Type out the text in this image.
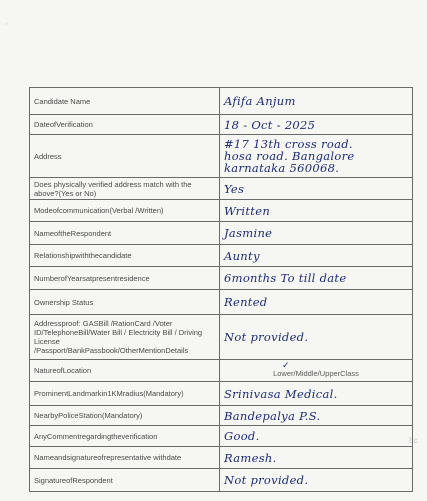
'
8c
Candidate Name	Afifa Anjum
DateofVerification	18 - Oct - 2025
Address	#17 13th cross road.
hosa road. Bangalore
karnataka 560068.
Does physically verified address match with the above?(Yes or No)	Yes
Modeofcommunication(Verbal /Written)	Written
NameoftheRespondent	Jasmine
Relationshipwiththecandidate	Aunty
NumberofYearsatpresentresidence	6months To till date
Ownership Status	Rented
Addressproof: GASBill /RationCard /Voter ID/TelephoneBill/Water Bill / Electricity Bill / Driving License /Passport/BankPassbook/OtherMentionDetails	Not provided.
NatureofLocation	✓
Lower/Middle/UpperClass
ProminentLandmarkin1KMradius(Mandatory)	Srinivasa Medical.
NearbyPoliceStation(Mandatory)	Bandepalya P.S.
AnyCommentregardingtheverification	Good.
Nameandsignatureofrepresentative withdate	Ramesh.
SignatureofRespondent	Not provided.
